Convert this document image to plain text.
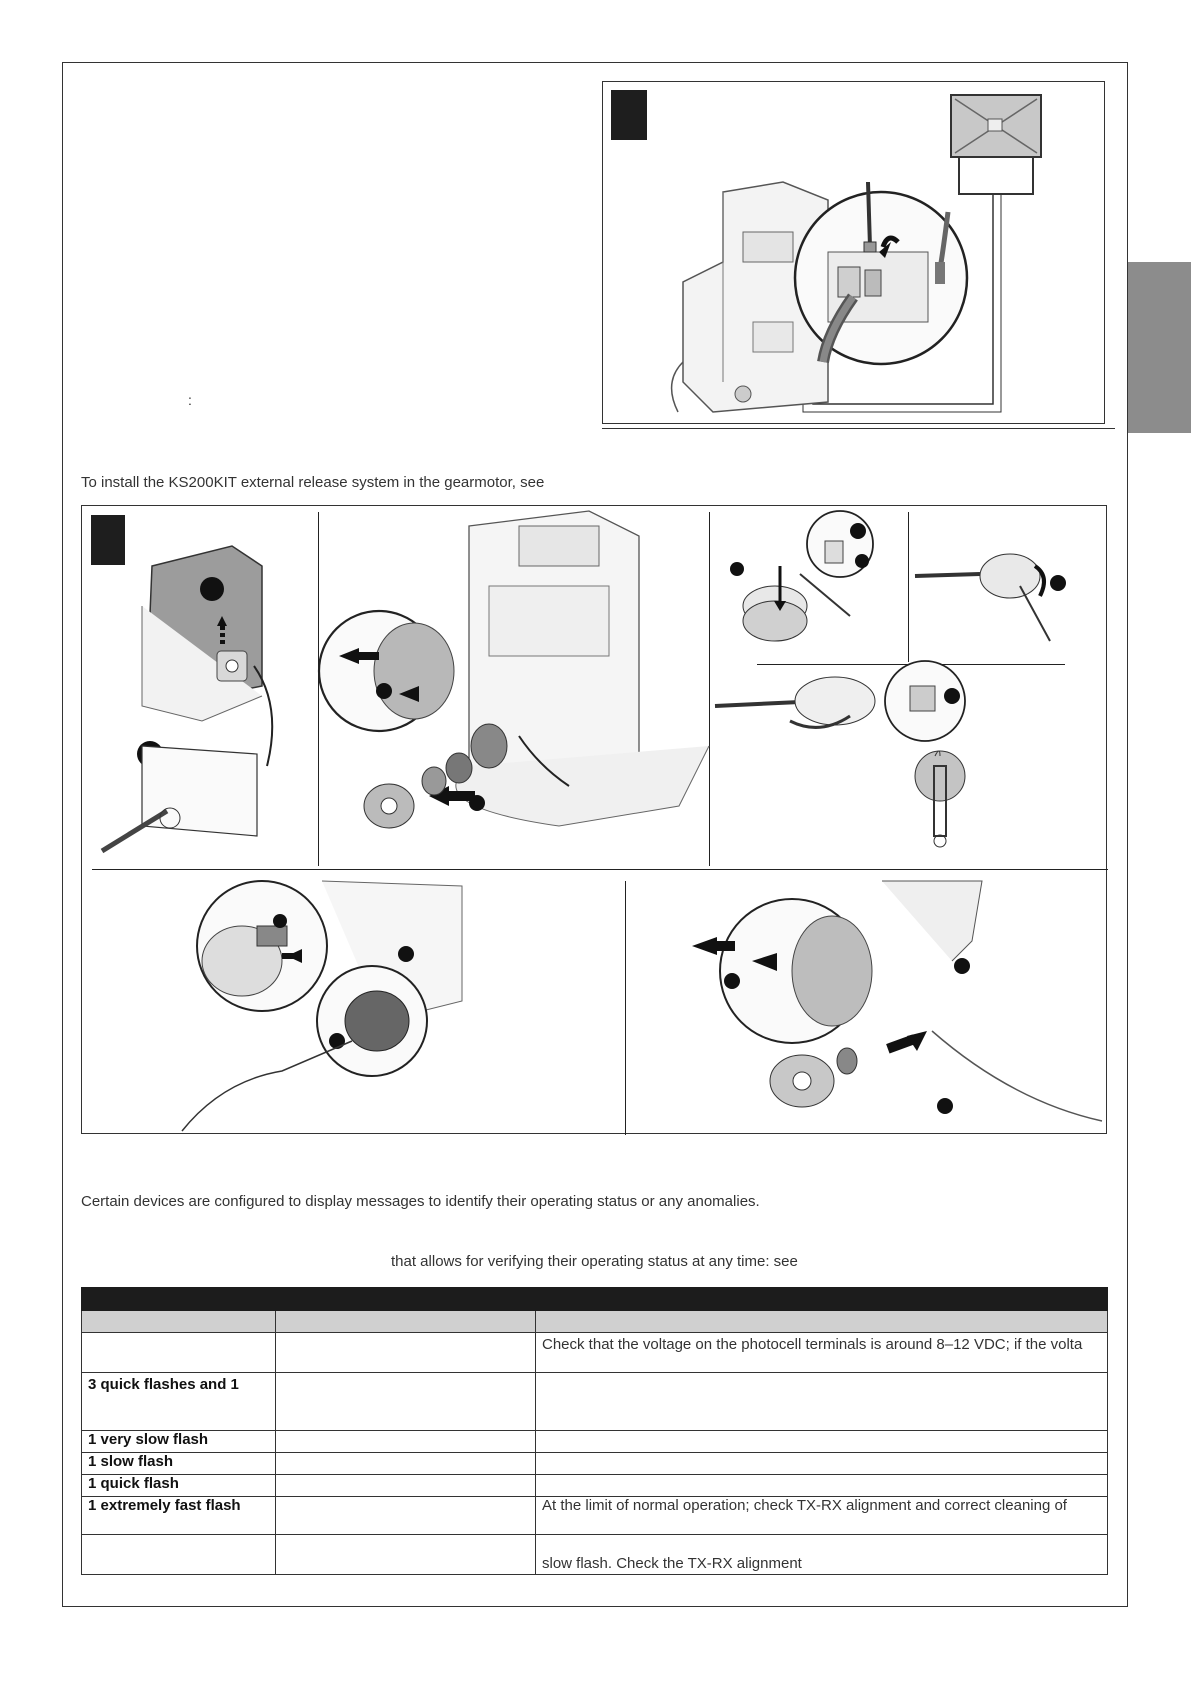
:
To install the KS200KIT external release system in the gearmotor, see
Certain devices are configured to display messages to identify their operating status or any anomalies.
that allows for verifying their operating status at any time: see

		Check that the voltage on the photocell terminals is around 8–12 VDC; if the volta
3 quick flashes and 1		
1 very slow flash		
1 slow flash		
1 quick flash		
1 extremely fast flash		At the limit of normal operation; check TX-RX alignment and correct cleaning of
		slow flash. Check the TX-RX alignment
